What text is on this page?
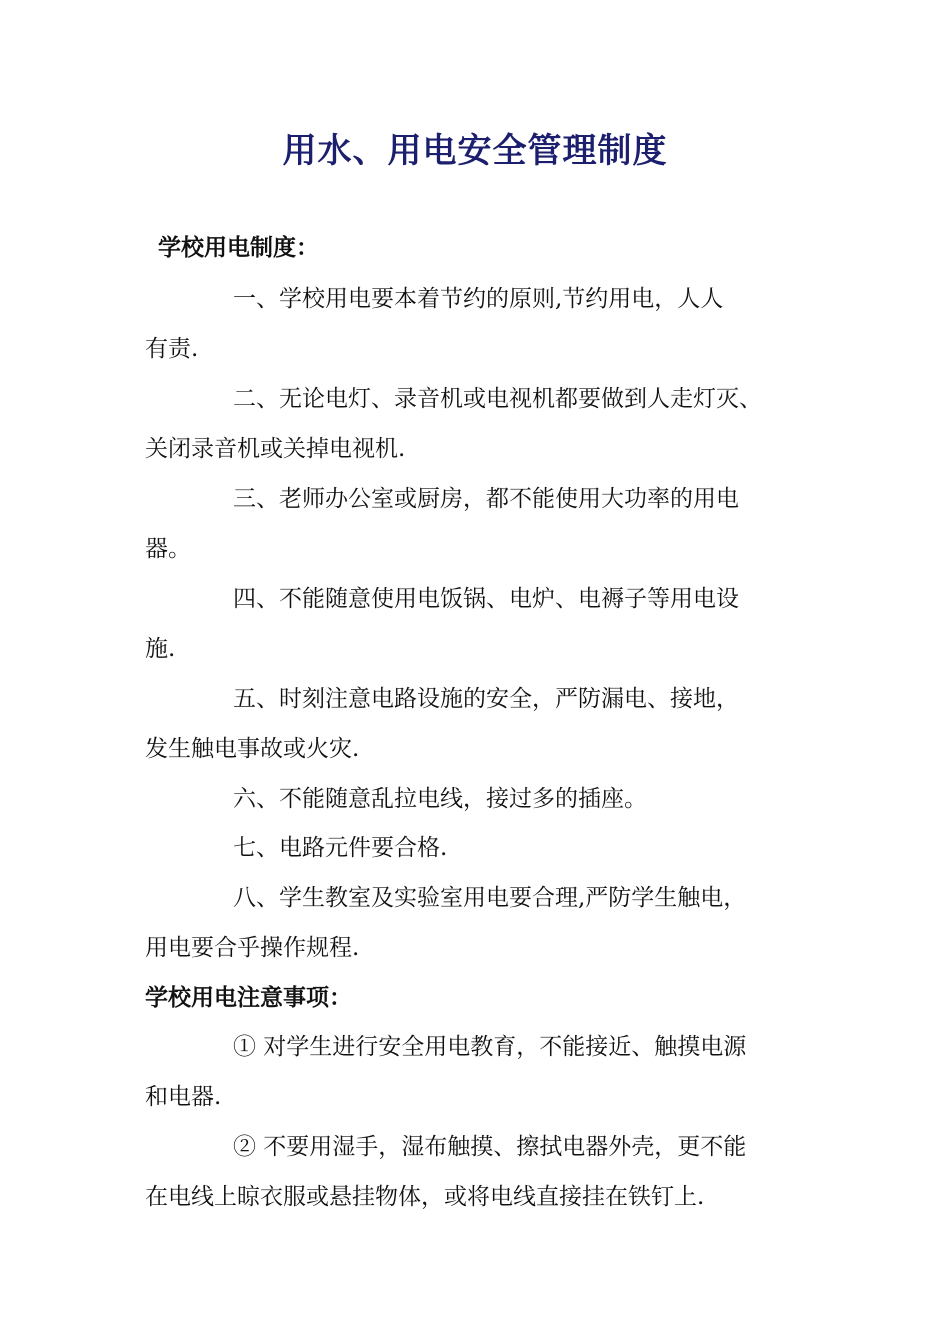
用水、用电安全管理制度
学校用电制度：
一、学校用电要本着节约的原则,节约用电，人人
有责.
二、无论电灯、录音机或电视机都要做到人走灯灭、
关闭录音机或关掉电视机.
三、老师办公室或厨房，都不能使用大功率的用电
器。
四、不能随意使用电饭锅、电炉、电褥子等用电设
施.
五、时刻注意电路设施的安全，严防漏电、接地，
发生触电事故或火灾.
六、不能随意乱拉电线，接过多的插座。
七、电路元件要合格.
八、学生教室及实验室用电要合理,严防学生触电，
用电要合乎操作规程.
学校用电注意事项：
① 对学生进行安全用电教育，不能接近、触摸电源
和电器.
② 不要用湿手，湿布触摸、擦拭电器外壳，更不能
在电线上晾衣服或悬挂物体，或将电线直接挂在铁钉上.
